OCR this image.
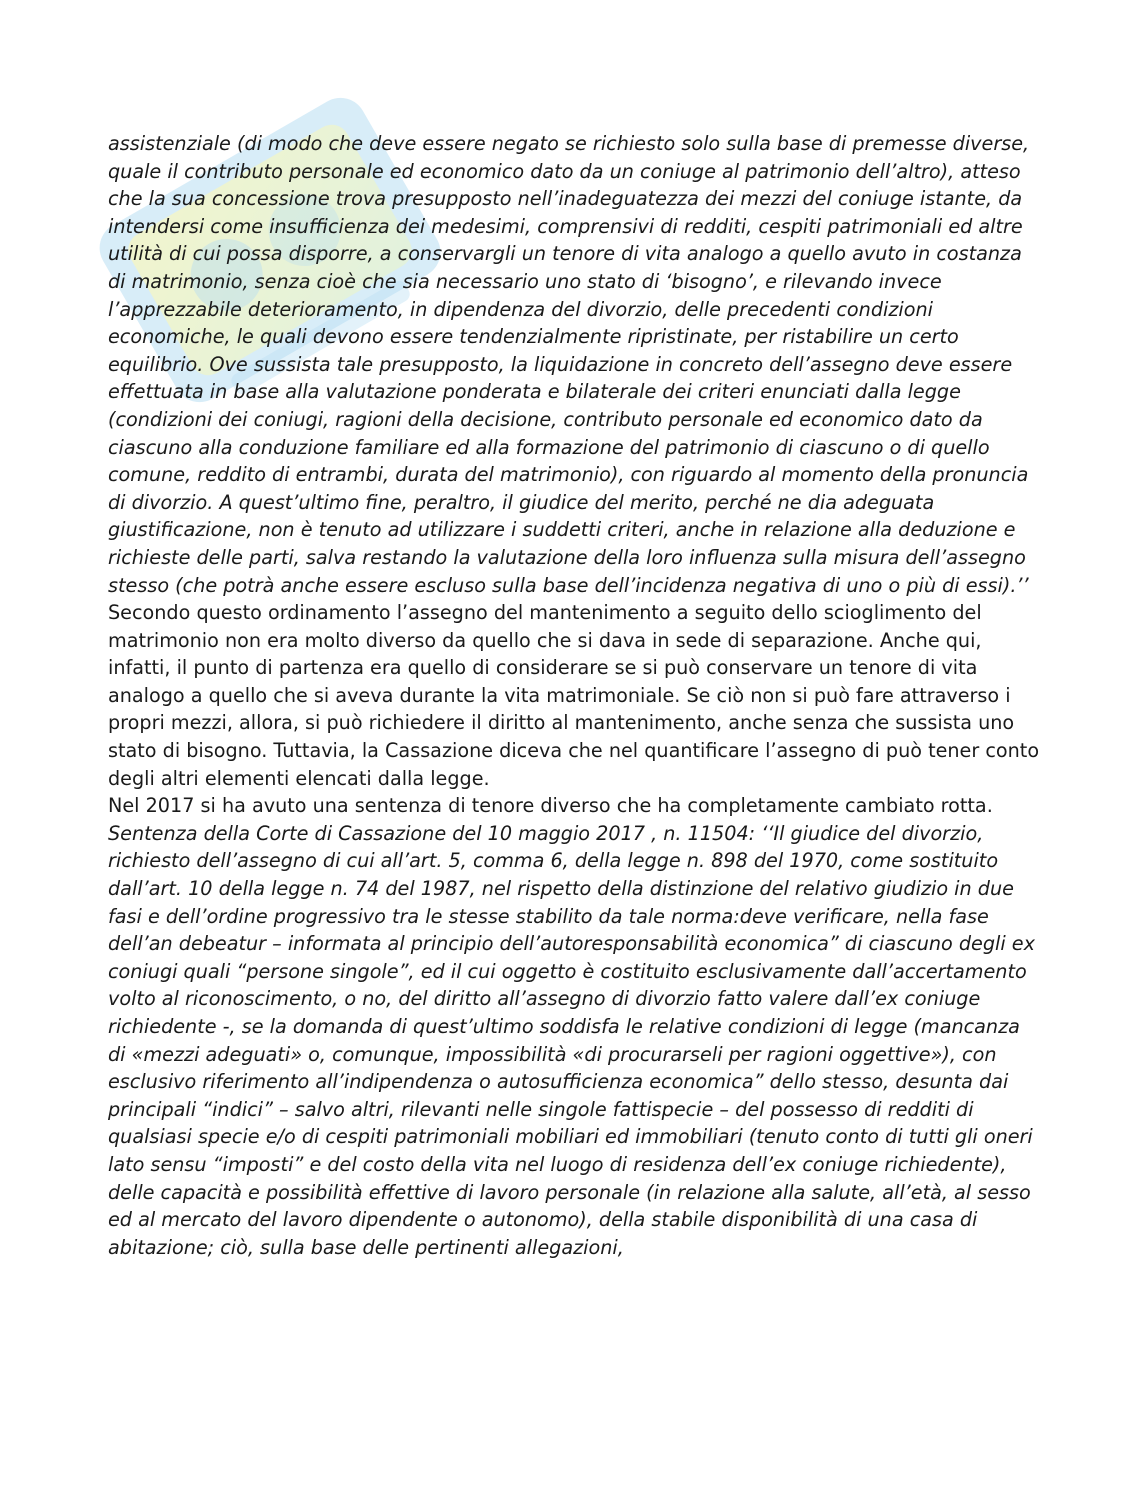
assistenziale (di modo che deve essere negato se richiesto solo sulla base di premesse diverse, quale il contributo personale ed economico dato da un coniuge al patrimonio dell’altro), atteso che la sua concessione trova presupposto nell’inadeguatezza dei mezzi del coniuge istante, da intendersi come insufficienza dei medesimi, comprensivi di redditi, cespiti patrimoniali ed altre utilità di cui possa disporre, a conservargli un tenore di vita analogo a quello avuto in costanza di matrimonio, senza cioè che sia necessario uno stato di ‘bisogno’, e rilevando invece l’apprezzabile deterioramento, in dipendenza del divorzio, delle precedenti condizioni economiche, le quali devono essere tendenzialmente ripristinate, per ristabilire un certo equilibrio. Ove sussista tale presupposto, la liquidazione in concreto dell’assegno deve essere effettuata in base alla valutazione ponderata e bilaterale dei criteri enunciati dalla legge (condizioni dei coniugi, ragioni della decisione, contributo personale ed economico dato da ciascuno alla conduzione familiare ed alla formazione del patrimonio di ciascuno o di quello comune, reddito di entrambi, durata del matrimonio), con riguardo al momento della pronuncia di divorzio. A quest’ultimo fine, peraltro, il giudice del merito, perché ne dia adeguata giustificazione, non è tenuto ad utilizzare i suddetti criteri, anche in relazione alla deduzione e richieste delle parti, salva restando la valutazione della loro influenza sulla misura dell’assegno stesso (che potrà anche essere escluso sulla base dell’incidenza negativa di uno o più di essi).’’

Secondo questo ordinamento l’assegno del mantenimento a seguito dello scioglimento del matrimonio non era molto diverso da quello che si dava in sede di separazione. Anche qui, infatti, il punto di partenza era quello di considerare se si può conservare un tenore di vita analogo a quello che si aveva durante la vita matrimoniale. Se ciò non si può fare attraverso i propri mezzi, allora, si può richiedere il diritto al mantenimento, anche senza che sussista uno stato di bisogno. Tuttavia, la Cassazione diceva che nel quantificare l’assegno di può tener conto degli altri elementi elencati dalla legge.

Nel 2017 si ha avuto una sentenza di tenore diverso che ha completamente cambiato rotta.

Sentenza della Corte di Cassazione del 10 maggio 2017 , n. 11504: ‘‘Il giudice del divorzio, richiesto dell’assegno di cui all’art. 5, comma 6, della legge n. 898 del 1970, come sostituito dall’art. 10 della legge n. 74 del 1987, nel rispetto della distinzione del relativo giudizio in due fasi e dell’ordine progressivo tra le stesse stabilito da tale norma:deve verificare, nella fase dell’an debeatur – informata al principio dell’autoresponsabilità economica” di ciascuno degli ex coniugi quali “persone singole”, ed il cui oggetto è costituito esclusivamente dall’accertamento volto al riconoscimento, o no, del diritto all’assegno di divorzio fatto valere dall’ex coniuge richiedente -, se la domanda di quest’ultimo soddisfa le relative condizioni di legge (mancanza di «mezzi adeguati» o, comunque, impossibilità «di procurarseli per ragioni oggettive»), con esclusivo riferimento all’indipendenza o autosufficienza economica” dello stesso, desunta dai principali “indici” – salvo altri, rilevanti nelle singole fattispecie – del possesso di redditi di qualsiasi specie e/o di cespiti patrimoniali mobiliari ed immobiliari (tenuto conto di tutti gli oneri lato sensu “imposti” e del costo della vita nel luogo di residenza dell’ex coniuge richiedente), delle capacità e possibilità effettive di lavoro personale (in relazione alla salute, all’età, al sesso ed al mercato del lavoro dipendente o autonomo), della stabile disponibilità di una casa di abitazione; ciò, sulla base delle pertinenti allegazioni,
